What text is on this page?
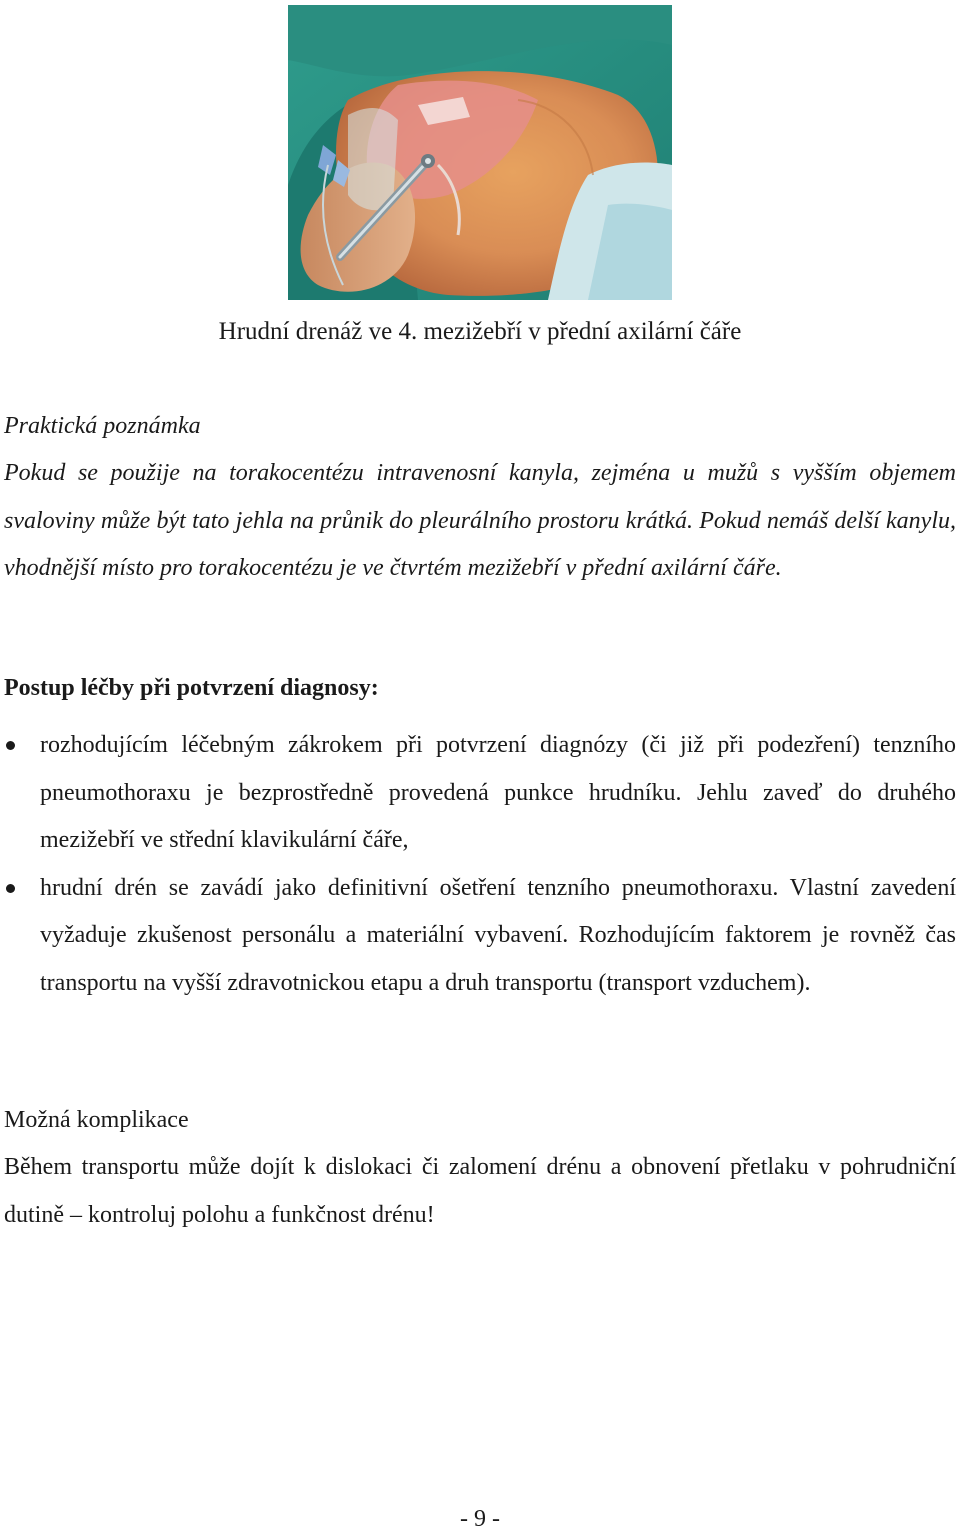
Hrudní drenáž ve 4. mezižebří v přední axilární čáře
Praktická poznámka
Pokud se použije na torakocentézu intravenosní kanyla, zejména u mužů s vyšším objemem svaloviny může být tato jehla na průnik do pleurálního prostoru krátká. Pokud nemáš delší kanylu, vhodnější místo pro torakocentézu je ve čtvrtém mezižebří v přední axilární čáře.
Postup léčby při potvrzení diagnosy:
rozhodujícím léčebným zákrokem při potvrzení diagnózy (či již při podezření) tenzního pneumothoraxu je bezprostředně provedená punkce hrudníku. Jehlu zaveď do druhého mezižebří ve střední klavikulární čáře,
hrudní drén se zavádí jako definitivní ošetření tenzního pneumothoraxu. Vlastní zavedení vyžaduje zkušenost personálu a materiální vybavení. Rozhodujícím faktorem je rovněž čas transportu na vyšší zdravotnickou etapu a druh transportu (transport vzduchem).
Možná komplikace
Během transportu může dojít k dislokaci či zalomení drénu a obnovení přetlaku v pohrudniční dutině – kontroluj polohu a funkčnost drénu!
- 9 -
